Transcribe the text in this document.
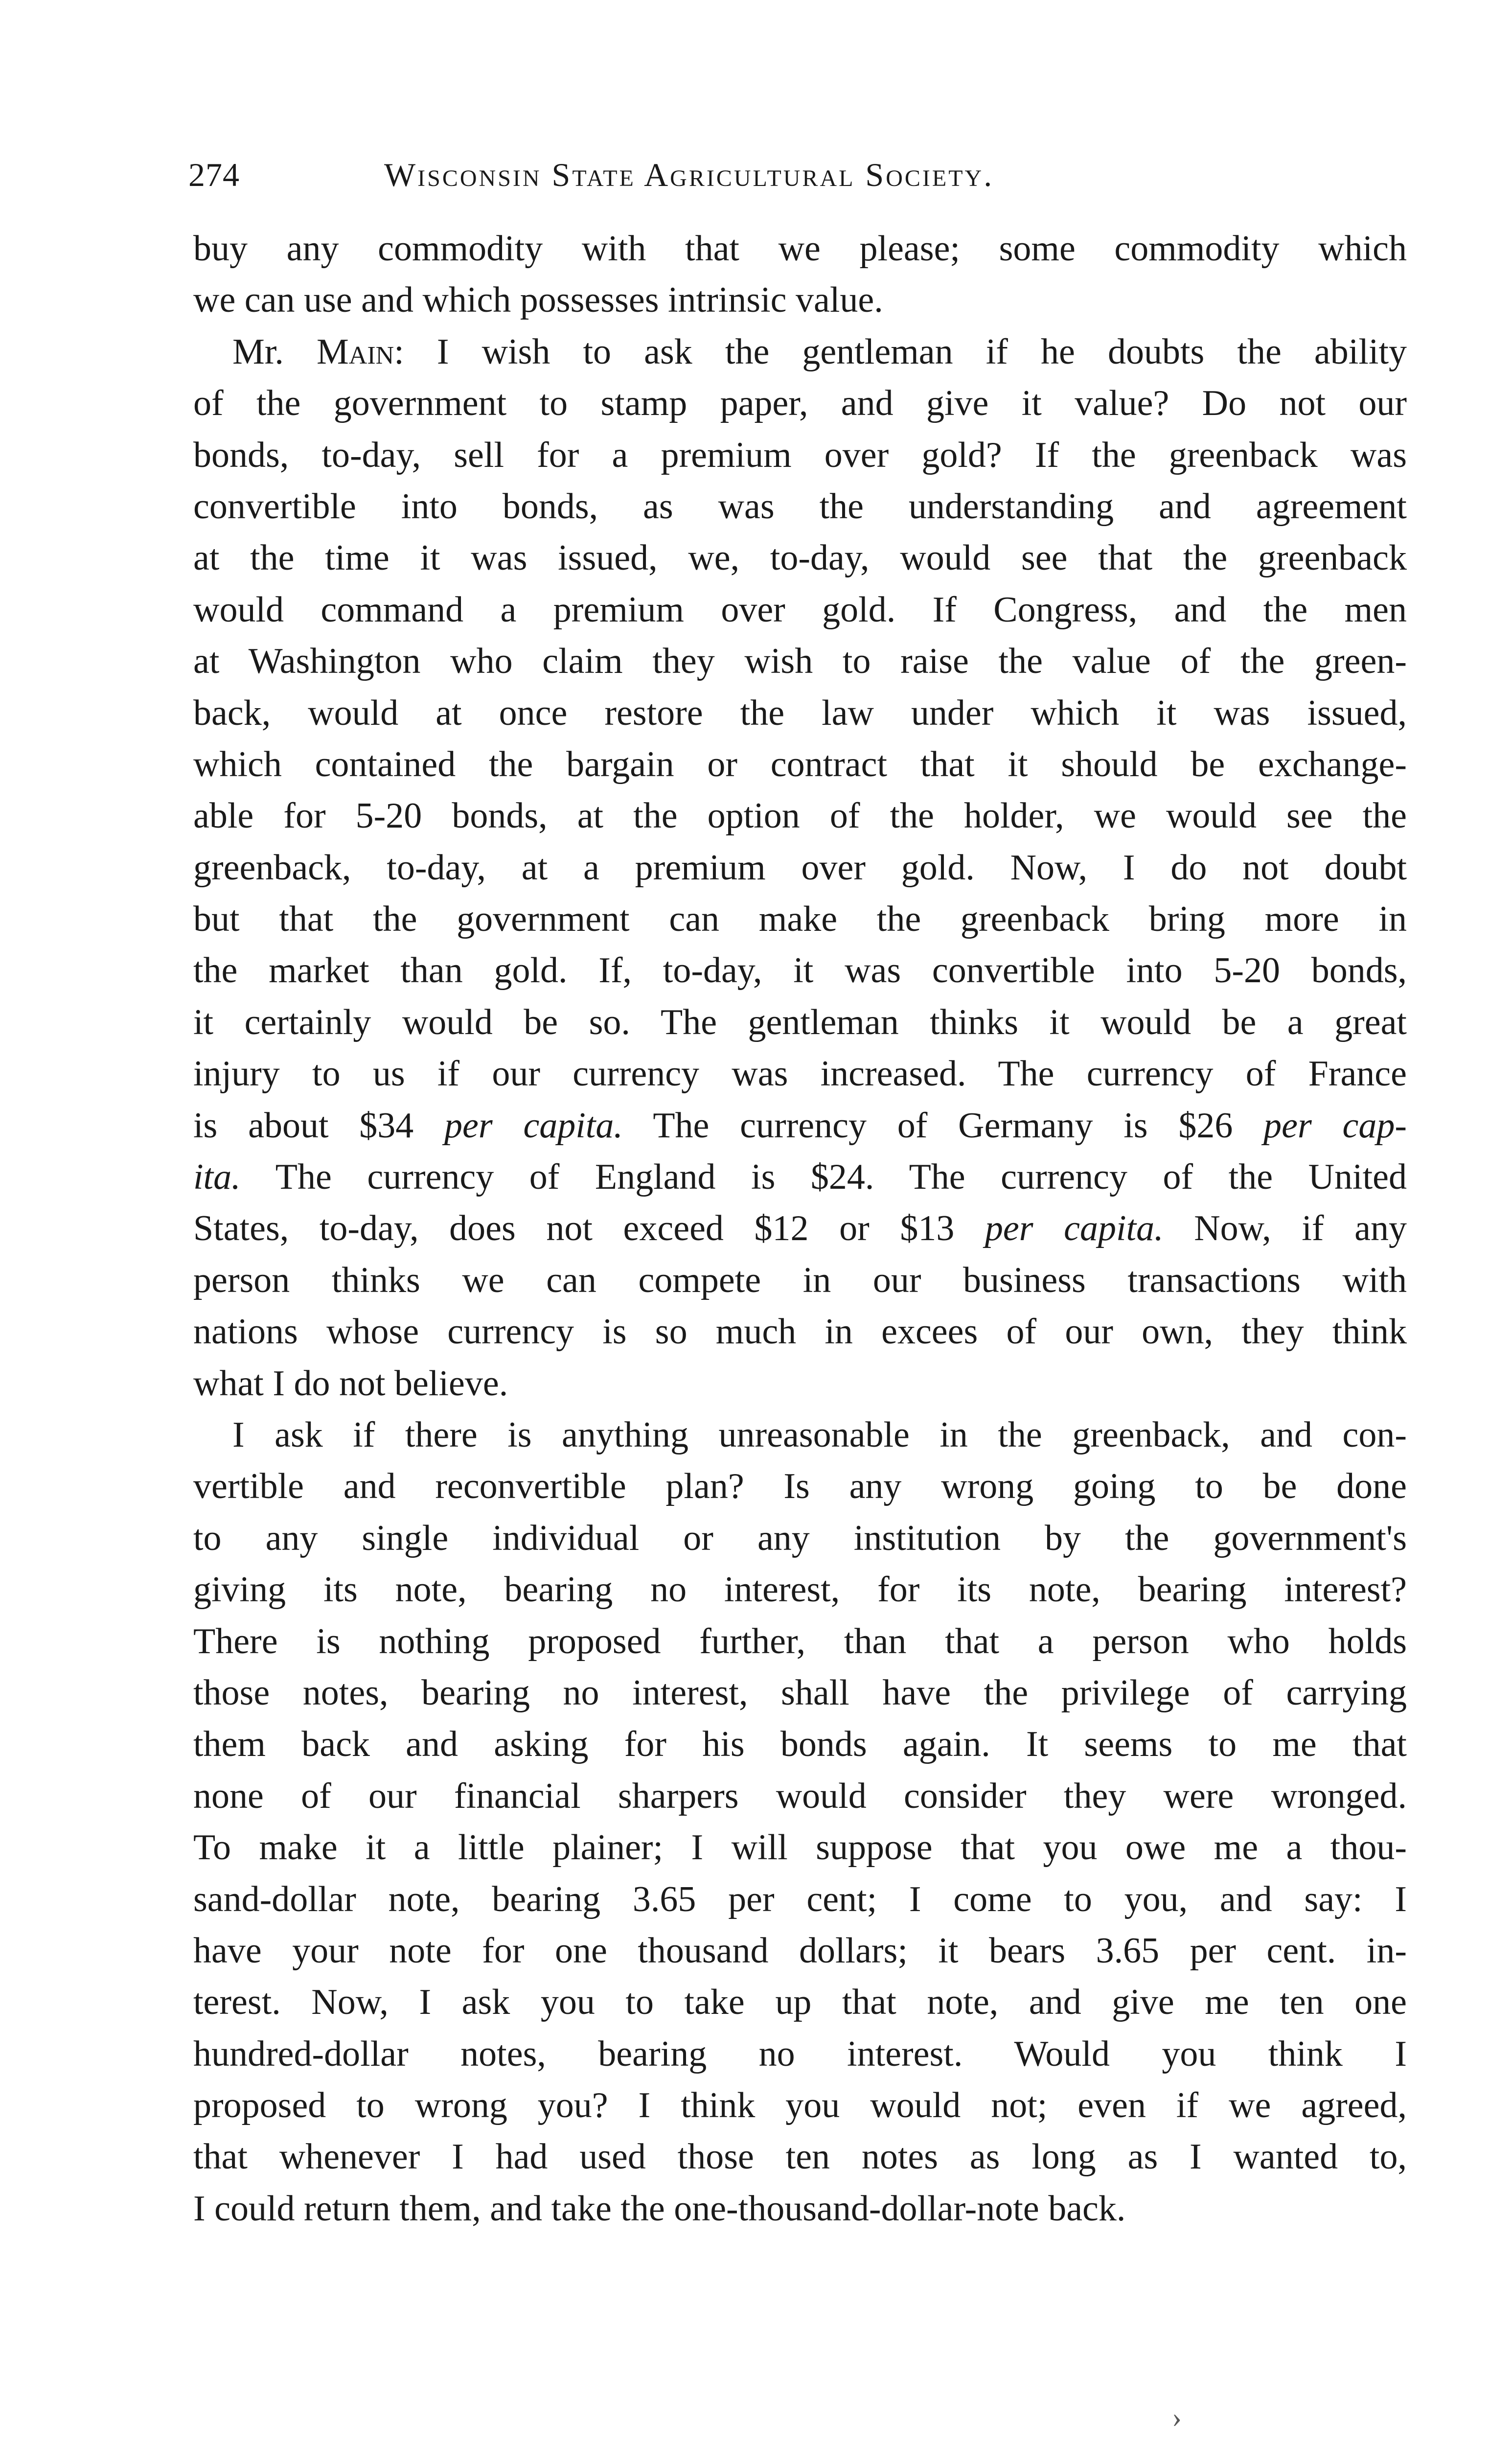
274	Wisconsin State Agricultural Society.
buy any commodity with that we please; some commodity which
we can use and which possesses intrinsic value.
Mr. Main: I wish to ask the gentleman if he doubts the ability
of the government to stamp paper, and give it value? Do not our
bonds, to-day, sell for a premium over gold? If the greenback was
convertible into bonds, as was the understanding and agreement
at the time it was issued, we, to-day, would see that the greenback
would command a premium over gold. If Congress, and the men
at Washington who claim they wish to raise the value of the green-
back, would at once restore the law under which it was issued,
which contained the bargain or contract that it should be exchange-
able for 5-20 bonds, at the option of the holder, we would see the
greenback, to-day, at a premium over gold. Now, I do not doubt
but that the government can make the greenback bring more in
the market than gold. If, to-day, it was convertible into 5-20 bonds,
it certainly would be so. The gentleman thinks it would be a great
injury to us if our currency was increased. The currency of France
is about $34 per capita. The currency of Germany is $26 per cap-
ita. The currency of England is $24. The currency of the United
States, to-day, does not exceed $12 or $13 per capita. Now, if any
person thinks we can compete in our business transactions with
nations whose currency is so much in excees of our own, they think
what I do not believe.
I ask if there is anything unreasonable in the greenback, and con-
vertible and reconvertible plan? Is any wrong going to be done
to any single individual or any institution by the government's
giving its note, bearing no interest, for its note, bearing interest?
There is nothing proposed further, than that a person who holds
those notes, bearing no interest, shall have the privilege of carrying
them back and asking for his bonds again. It seems to me that
none of our financial sharpers would consider they were wronged.
To make it a little plainer; I will suppose that you owe me a thou-
sand-dollar note, bearing 3.65 per cent; I come to you, and say: I
have your note for one thousand dollars; it bears 3.65 per cent. in-
terest. Now, I ask you to take up that note, and give me ten one
hundred-dollar notes, bearing no interest. Would you think I
proposed to wrong you? I think you would not; even if we agreed,
that whenever I had used those ten notes as long as I wanted to,
I could return them, and take the one-thousand-dollar-note back.
›
